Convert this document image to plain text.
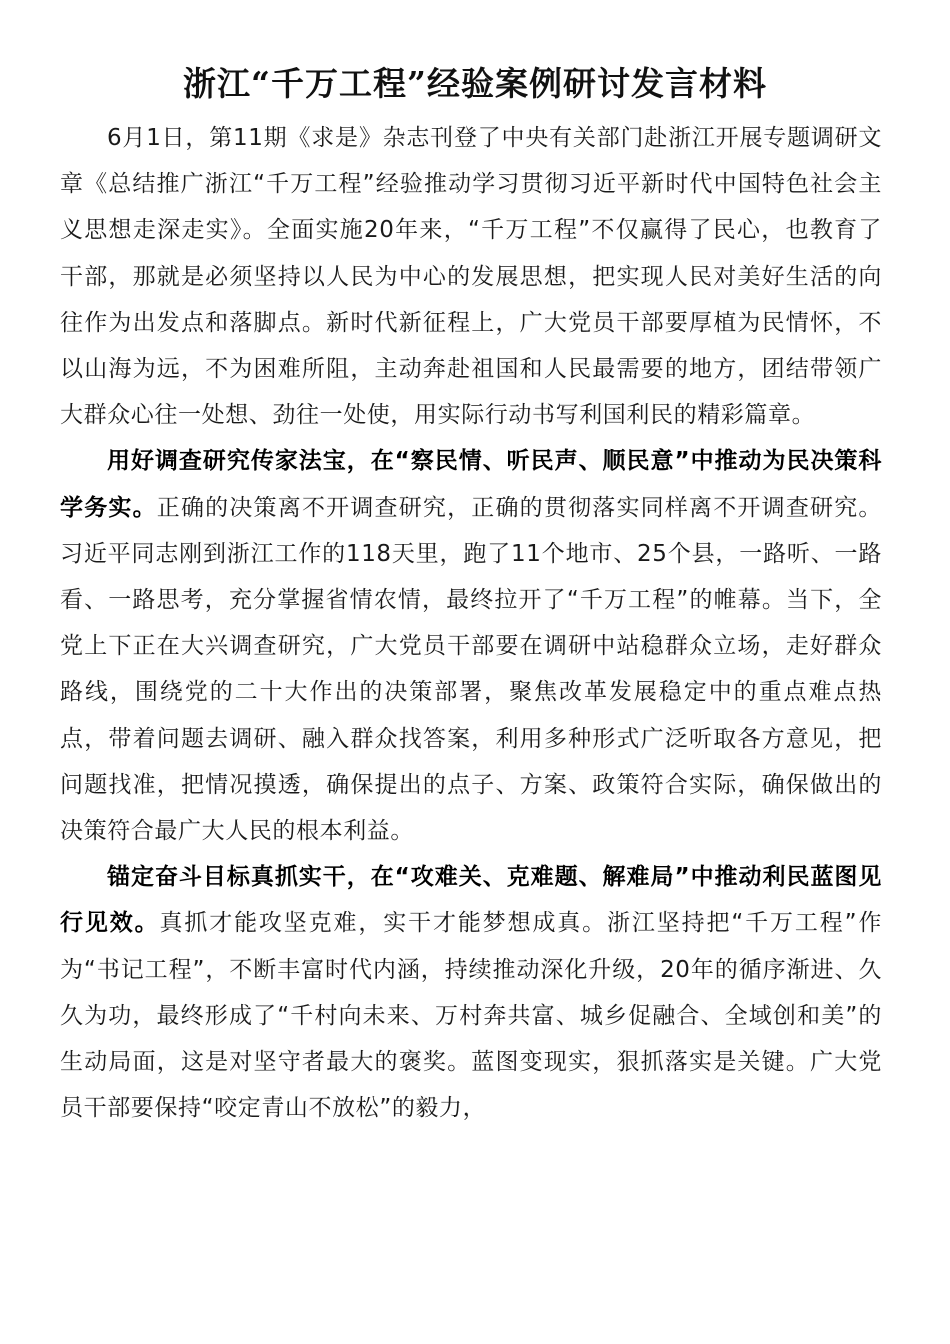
浙江“千万工程”经验案例研讨发言材料

6月1日，第11期《求是》杂志刊登了中央有关部门赴浙江开展专题调研文章《总结推广浙江“千万工程”经验推动学习贯彻习近平新时代中国特色社会主义思想走深走实》。全面实施20年来，“千万工程”不仅赢得了民心，也教育了干部，那就是必须坚持以人民为中心的发展思想，把实现人民对美好生活的向往作为出发点和落脚点。新时代新征程上，广大党员干部要厚植为民情怀，不以山海为远，不为困难所阻，主动奔赴祖国和人民最需要的地方，团结带领广大群众心往一处想、劲往一处使，用实际行动书写利国利民的精彩篇章。

用好调查研究传家法宝，在“察民情、听民声、顺民意”中推动为民决策科学务实。正确的决策离不开调查研究，正确的贯彻落实同样离不开调查研究。习近平同志刚到浙江工作的118天里，跑了11个地市、25个县，一路听、一路看、一路思考，充分掌握省情农情，最终拉开了“千万工程”的帷幕。当下，全党上下正在大兴调查研究，广大党员干部要在调研中站稳群众立场，走好群众路线，围绕党的二十大作出的决策部署，聚焦改革发展稳定中的重点难点热点，带着问题去调研、融入群众找答案，利用多种形式广泛听取各方意见，把问题找准，把情况摸透，确保提出的点子、方案、政策符合实际，确保做出的决策符合最广大人民的根本利益。

锚定奋斗目标真抓实干，在“攻难关、克难题、解难局”中推动利民蓝图见行见效。真抓才能攻坚克难，实干才能梦想成真。浙江坚持把“千万工程”作为“书记工程”，不断丰富时代内涵，持续推动深化升级，20年的循序渐进、久久为功，最终形成了“千村向未来、万村奔共富、城乡促融合、全域创和美”的生动局面，这是对坚守者最大的褒奖。蓝图变现实，狠抓落实是关键。广大党员干部要保持“咬定青山不放松”的毅力，
